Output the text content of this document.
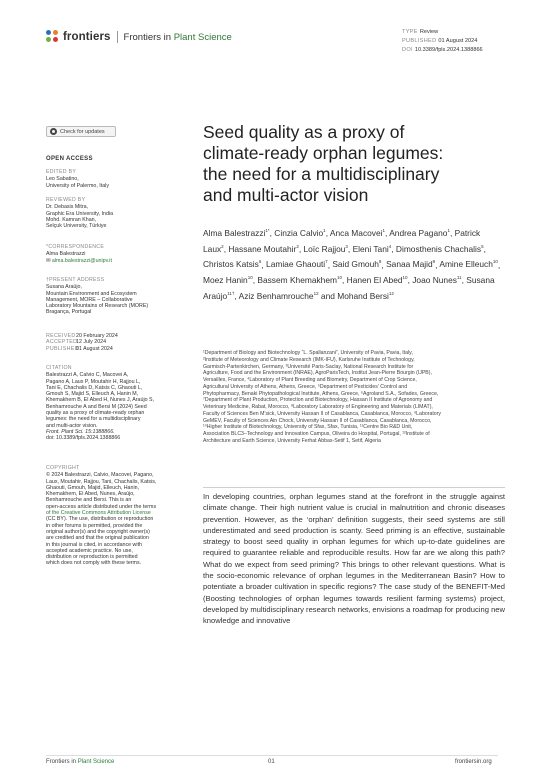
frontiers Frontiers in Plant Science	TYPE Review
PUBLISHED 01 August 2024
DOI 10.3389/fpls.2024.1388866
Check for updates
OPEN ACCESS
EDITED BY
Leo Sabatino,
University of Palermo, Italy
REVIEWED BY
Dr. Debasis Mitra,
Graphic Era University, India
Mohd. Kamran Khan,
Selçuk University, Türkiye
*CORRESPONDENCE
Alma Balestrazzi
✉ alma.balestrazzi@unipv.it
†PRESENT ADDRESS
Susana Araújo,
Mountain Environment and Ecosystem
Management, MORE – Collaborative
Laboratory Mountains of Research (MORE)
Bragança, Portugal
RECEIVED20 February 2024
ACCEPTED12 July 2024
PUBLISHED01 August 2024
CITATION
Balestrazzi A, Calvio C, Macovei A,
Pagano A, Laux P, Moutahir H, Rajjou L,
Tani E, Chachalis D, Katsis C, Ghaouti L,
Gmouh S, Majid S, Elleuch A, Hanin M,
Khemakhem B, El Abed H, Nunes J, Araújo S,
Benhamrouche A and Bersi M (2024) Seed
quality as a proxy of climate-ready orphan
legumes: the need for a multidisciplinary
and multi-actor vision.
Front. Plant Sci. 15:1388866.
doi: 10.3389/fpls.2024.1388866
COPYRIGHT
© 2024 Balestrazzi, Calvio, Macovei, Pagano,
Laux, Moutahir, Rajjou, Tani, Chachalis, Katsis,
Ghaouti, Gmouh, Majid, Elleuch, Hanin,
Khemakhem, El Abed, Nunes, Araújo,
Benhamrouche and Bersi. This is an
open-access article distributed under the terms
of the Creative Commons Attribution License
(CC BY). The use, distribution or reproduction
in other forums is permitted, provided the
original author(s) and the copyright owner(s)
are credited and that the original publication
in this journal is cited, in accordance with
accepted academic practice. No use,
distribution or reproduction is permitted
which does not comply with these terms.
Seed quality as a proxy of
climate-ready orphan legumes:
the need for a multidisciplinary
and multi-actor vision
Alma Balestrazzi$^{1*}$, Cinzia Calvio$^1$, Anca Macovei$^1$, Andrea Pagano$^1$, Patrick Laux$^2$, Hassane Moutahir$^2$, Loïc Rajjou$^3$, Eleni Tani$^4$, Dimosthenis Chachalis$^5$, Christos Katsis$^6$, Lamiae Ghaouti$^7$, Said Gmouh$^8$, Sanaa Majid$^9$, Amine Elleuch$^{10}$, Moez Hanin$^{10}$, Bassem Khemakhem$^{10}$, Hanen El Abed$^{10}$, Joao Nunes$^{11}$, Susana Araújo$^{11\dagger}$, Aziz Benhamrouche$^{12}$ and Mohand Bersi$^{12}$
¹Department of Biology and Biotechnology “L. Spallanzani”, University of Pavia, Pavia, Italy,
²Institute of Meteorology and Climate Research (IMK-IFU), Karlsruhe Institute of Technology,
Garmisch-Partenkirchen, Germany, ³Université Paris-Saclay, National Research Institute for
Agriculture, Food and the Environment (INRAE), AgroParisTech, Institut Jean-Pierre Bourgin (IJPB),
Versailles, France, ⁴Laboratory of Plant Breeding and Biometry, Department of Crop Science,
Agricultural University of Athens, Athens, Greece, ⁵Department of Pesticides’ Control and
Phytopharmacy, Benaki Phytopathological Institute, Athens, Greece, ⁶Agroland S.A., Sofades, Greece,
⁷Department of Plant Production, Protection and Biotechnology, Hassan II Institute of Agronomy and
Veterinary Medicine, Rabat, Morocco, ⁸Laboratory Laboratory of Engineering and Materials (LIMAT),
Faculty of Sciences Ben M’sick, University Hassan II of Casablanca, Casablanca, Morocco, ⁹Laboratory
GeMEV, Faculty of Sciences Ain Chock, University Hassan II of Casablanca, Casablanca, Morocco,
¹⁰Higher Institute of Biotechnology, University of Sfax, Sfax, Tunisia, ¹¹Centre Bio R&D Unit,
Association BLC3–Technology and Innovation Campus, Oliveira do Hospital, Portugal, ¹²Institute of
Architecture and Earth Science, University Ferhat Abbas-Setif 1, Setif, Algeria
In developing countries, orphan legumes stand at the forefront in the struggle against climate change. Their high nutrient value is crucial in malnutrition and chronic diseases prevention. However, as the ‘orphan’ definition suggests, their seed systems are still underestimated and seed production is scanty. Seed priming is an effective, sustainable strategy to boost seed quality in orphan legumes for which up-to-date guidelines are required to guarantee reliable and reproducible results. How far are we along this path? What do we expect from seed priming? This brings to other relevant questions. What is the socio-economic relevance of orphan legumes in the Mediterranean Basin? How to potentiate a broader cultivation in specific regions? The case study of the BENEFIT-Med (Boosting technologies of orphan legumes towards resilient farming systems) project, developed by multidisciplinary research networks, envisions a roadmap for producing new knowledge and innovative
Frontiers in Plant Science	01	frontiersin.org
